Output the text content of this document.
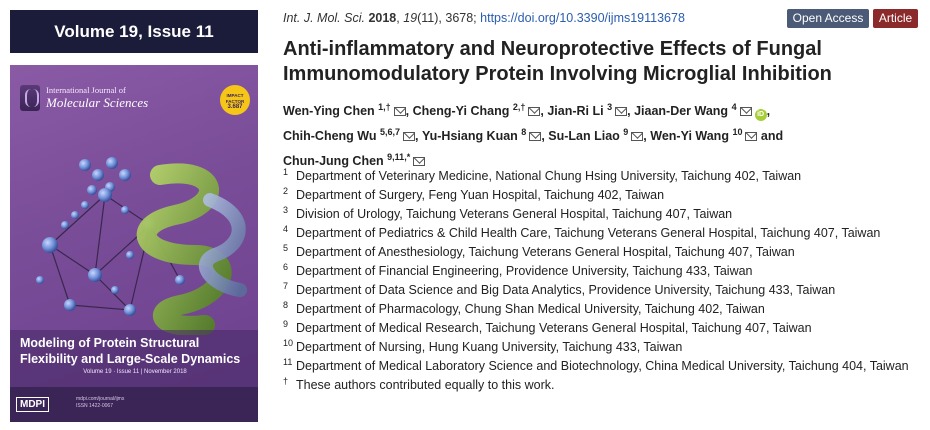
Volume 19, Issue 11
International Journal of
Molecular Sciences	IMPACT FACTOR
3.687
Modeling of Protein Structural Flexibility and Large-Scale Dynamics
Volume 19 · Issue 11 | November 2018
MDPI	mdpi.com/journal/ijms
ISSN 1422-0067
Int. J. Mol. Sci. 2018, 19(11), 3678; https://doi.org/10.3390/ijms19113678	Open Access	Article
Anti-inflammatory and Neuroprotective Effects of Fungal Immunomodulatory Protein Involving Microglial Inhibition
Wen-Ying Chen $^{1,\dagger}$ , Cheng-Yi Chang $^{2,\dagger}$ , Jian-Ri Li $^3$ , Jiaan-Der Wang $^4$iD ,
Chih-Cheng Wu $^{5,6,7}$ , Yu-Hsiang Kuan $^8$ , Su-Lan Liao $^9$ , Wen-Yi Wang $^{10}$ and
Chun-Jung Chen $^{9,11,*}$
1 Department of Veterinary Medicine, National Chung Hsing University, Taichung 402, Taiwan
2 Department of Surgery, Feng Yuan Hospital, Taichung 402, Taiwan
3 Division of Urology, Taichung Veterans General Hospital, Taichung 407, Taiwan
4 Department of Pediatrics & Child Health Care, Taichung Veterans General Hospital, Taichung 407, Taiwan
5 Department of Anesthesiology, Taichung Veterans General Hospital, Taichung 407, Taiwan
6 Department of Financial Engineering, Providence University, Taichung 433, Taiwan
7 Department of Data Science and Big Data Analytics, Providence University, Taichung 433, Taiwan
8 Department of Pharmacology, Chung Shan Medical University, Taichung 402, Taiwan
9 Department of Medical Research, Taichung Veterans General Hospital, Taichung 407, Taiwan
10 Department of Nursing, Hung Kuang University, Taichung 433, Taiwan
11 Department of Medical Laboratory Science and Biotechnology, China Medical University, Taichung 404, Taiwan
† These authors contributed equally to this work.
